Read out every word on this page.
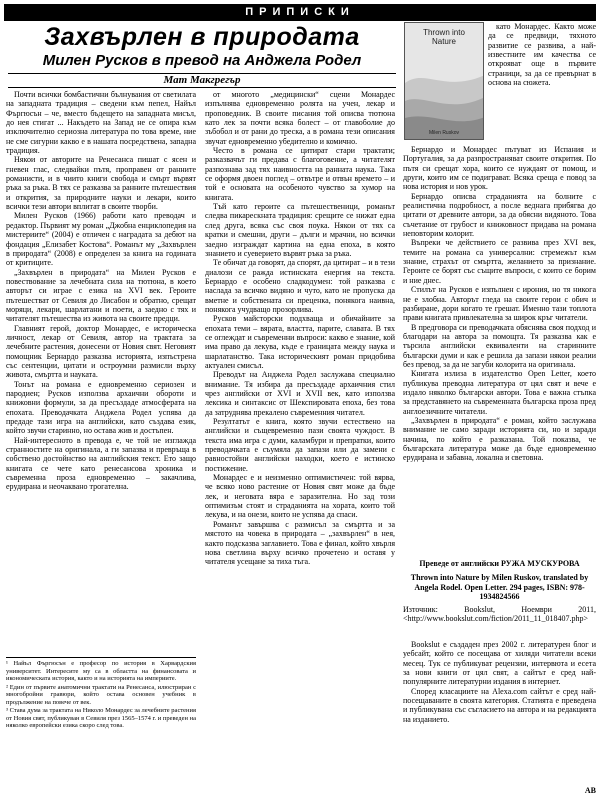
ПРИПИСКИ
Захвърлен в природата
Милен Русков в превод на Анджела Родел
Мат Макгрегър

Почти всички бомбастични бълнувания от светилата на западната традиция – сведени към пепел, Найъл Фъргюсън – че, вместо бъдещето на западната мисъл, до нея стигат ... Накъдето на Запад не се опира към изключително сериозна литература по това време, ние не сме сигурни какво е в нашата посредствена, западна традиция.

Някои от авторите на Ренесанса пишат с ясен и гневен глас, следвайки пътя, проправен от ранните романисти, и в чиито книги свобода и смърт вървят ръка за ръка. В тях се разказва за ранните пътешествия и открития, за природните науки и лекари, които всички тези автори вплитат в своите творби.

Милен Русков (1966) работи като преводач и редактор. Първият му роман „Джобна енциклопедия на мистериите“ (2004) е отличен с наградата за дебют на фондация „Елизабет Костова“. Романът му „Захвърлен в природата“ (2008) е определен за книга на годината от критиците.

„Захвърлен в природата“ на Милен Русков е повествование за лечебната сила на тютюна, в което авторът си играе с езика на XVI век. Героите пътешестват от Севиля до Лисабон и обратно, срещат моряци, лекари, шарлатани и поети, а заедно с тях и читателят пътешества из живота на своите предци.

Главният герой, доктор Монардес, е историческа личност, лекар от Севиля, автор на трактата за лечебните растения, донесени от Новия свят. Неговият помощник Бернардо разказва историята, изпъстрена със сентенции, цитати и остроумни размисли върху живота, смъртта и науката.

Тонът на романа е едновременно сериозен и пародиен; Русков използва архаични обороти и книжовни формули, за да пресъздаде атмосферата на епохата. Преводачката Анджела Родел успява да предаде тази игра на английски, като създава език, който звучи старинно, но остава жив и достъпен.

Най-интересното в превода е, че той не изглажда странностите на оригинала, а ги запазва и превръща в собствено достойнство на английския текст. Ето защо книгата се чете като ренесансова хроника и съвременна проза едновременно – закачлива, ерудирана и неочаквано трогателна.

¹ Найъл Фъргюсън е професор по история в Харвардския университет. Интересите му са в областта на финансовата и икономическата история, както и на историята на империите.

² Един от първите анатомични трактати на Ренесанса, илюстриран с многобройни гравюри, който остава основен учебник в продължение на повече от век.

³ Става дума за трактата на Николо Монардес за лечебните растения от Новия свят, публикуван в Севиля през 1565–1574 г. и преведен на няколко европейски езика скоро след това.

от многото „медицински“ сцени Монардес изпълнява едновременно ролята на учен, лекар и проповедник. В своите писания той описва тютюна като лек за почти всяка болест – от главоболие до зъбобол и от рани до треска, а в романа тези описания звучат едновременно убедително и комично.

Често в романа се цитират стари трактати; разказвачът ги предава с благоговение, а читателят разпознава зад тях наивността на ранната наука. Така се оформя двоен поглед – отвътре и отвън времето – и той е основата на особеното чувство за хумор на книгата.

Тъй като героите са пътешественици, романът следва пикарескната традиция: срещите се нижат една след друга, всяка със своя поука. Някои от тях са кратки и смешни, други – дълги и мрачни, но всички заедно изграждат картина на една епоха, в която знанието и суеверието вървят ръка за ръка.

Те обичат да говорят, да спорят, да цитират – и в тези диалози се ражда истинската енергия на текста. Бернардо е особено сладкодумен: той разказва с наслада за всичко видяно и чуто, като не пропуска да вметне и собствената си преценка, понякога наивна, понякога учудващо прозорлива.

Русков майсторски подхваща и обичайните за епохата теми – вярата, властта, парите, славата. В тях се оглеждат и съвременни въпроси: какво е знание, кой има право да лекува, къде е границата между наука и шарлатанство. Така историческият роман придобива актуален смисъл.

Преводът на Анджела Родел заслужава специално внимание. Тя избира да пресъздаде архаичния стил чрез английски от XVI и XVII век, като използва лексика и синтаксис от Шекспировата епоха, без това да затруднява прекалено съвременния читател.

Резултатът е книга, която звучи естествено на английски и същевременно пази своята чуждост. В текста има игра с думи, каламбури и препратки, които преводачката е съумяла да запази или да замени с равностойни английски находки, което е истинско постижение.

Монардес е и неизменно оптимистичен: той вярва, че всяко ново растение от Новия свят може да бъде лек, и неговата вяра е заразителна. Но зад този оптимизъм стоят и страданията на хората, които той лекува, и на онези, които не успява да спаси.

Романът завършва с размисъл за смъртта и за мястото на човека в природата – „захвърлен“ в нея, както подсказва заглавието. Това е финал, който хвърля нова светлина върху всичко прочетено и оставя у читателя усещане за тиха тъга.

Thrown into
Nature
Milen Ruskov

като Монардес. Както може да се предвиди, тяхното развитие се развива, а най-известните им качества се открояват още в първите страници, за да се превърнат в основа на сюжета.

Бернардо и Монардес пътуват из Испания и Португалия, за да разпространяват своите открития. По пътя си срещат хора, които се нуждаят от помощ, и други, които им се подиграват. Всяка среща е повод за нова история и нов урок.

Бернардо описва страданията на болните с реалистична подробност, а после веднага прибягва до цитати от древните автори, за да обясни видяното. Това съчетание от грубост и книжовност придава на романа неповторим колорит.

Въпреки че действието се развива през XVI век, темите на романа са универсални: стремежът към знание, страхът от смъртта, желанието за признание. Героите се борят със същите въпроси, с които се борим и ние днес.

Стилът на Русков е изпълнен с ирония, но тя никога не е злобна. Авторът гледа на своите герои с обич и разбиране, дори когато те грешат. Именно тази топлота прави книгата привлекателна за широк кръг читатели.

В предговора си преводачката обяснява своя подход и благодари на автора за помощта. Тя разказва как е търсила английски еквиваленти на старинните български думи и как е решила да запази някои реалии без превод, за да не загуби колорита на оригинала.

Книгата излиза в издателство Open Letter, което публикува преводна литература от цял свят и вече е издало няколко български автори. Това е важна стъпка за представянето на съвременната българска проза пред англоезичните читатели.

„Захвърлен в природата“ е роман, който заслужава внимание не само заради историята си, но и заради начина, по който е разказана. Той показва, че българската литература може да бъде едновременно ерудирана и забавна, локална и световна.

Преведе от английски РУЖА МУСКУРОВА
Thrown into Nature by Milen Ruskov, translated by Angela Rodel. Open Letter. 294 pages, ISBN: 978-1934824566
Източник: Bookslut, Ноември 2011, <http://www.bookslut.com/fiction/2011_11_018407.php>

Bookslut е създаден през 2002 г. литературен блог и уебсайт, който се посещава от хиляди читатели всеки месец. Тук се публикуват рецензии, интервюта и есета за нови книги от цял свят, а сайтът е сред най-популярните литературни издания в интернет.

Според класациите на Alexa.com сайтът е сред най-посещаваните в своята категория. Статията е преведена и публикувана със съгласието на автора и на редакцията на изданието.

АВ
